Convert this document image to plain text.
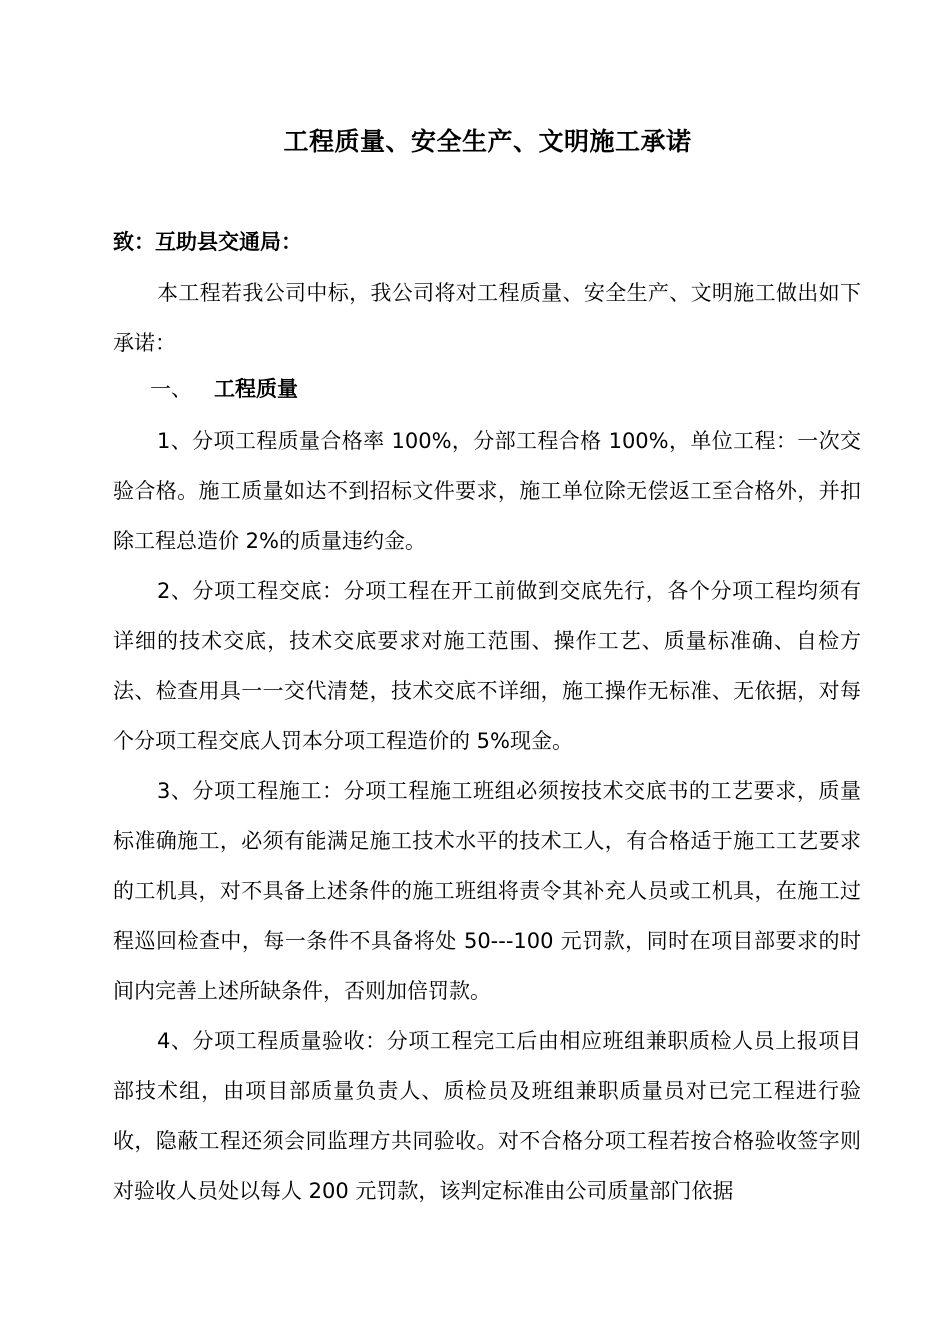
工程质量、安全生产、文明施工承诺
致：互助县交通局：

本工程若我公司中标，我公司将对工程质量、安全生产、文明施工做出如下承诺：

一、 工程质量

1、分项工程质量合格率 100%，分部工程合格 100%，单位工程：一次交验合格。施工质量如达不到招标文件要求，施工单位除无偿返工至合格外，并扣除工程总造价 2%的质量违约金。

2、分项工程交底：分项工程在开工前做到交底先行，各个分项工程均须有详细的技术交底，技术交底要求对施工范围、操作工艺、质量标准确、自检方法、检查用具一一交代清楚，技术交底不详细，施工操作无标准、无依据，对每个分项工程交底人罚本分项工程造价的 5%现金。

3、分项工程施工：分项工程施工班组必须按技术交底书的工艺要求，质量标准确施工，必须有能满足施工技术水平的技术工人，有合格适于施工工艺要求的工机具，对不具备上述条件的施工班组将责令其补充人员或工机具，在施工过程巡回检查中，每一条件不具备将处 50---100 元罚款，同时在项目部要求的时间内完善上述所缺条件，否则加倍罚款。

4、分项工程质量验收：分项工程完工后由相应班组兼职质检人员上报项目部技术组，由项目部质量负责人、质检员及班组兼职质量员对已完工程进行验收，隐蔽工程还须会同监理方共同验收。对不合格分项工程若按合格验收签字则对验收人员处以每人 200 元罚款，该判定标准由公司质量部门依据
